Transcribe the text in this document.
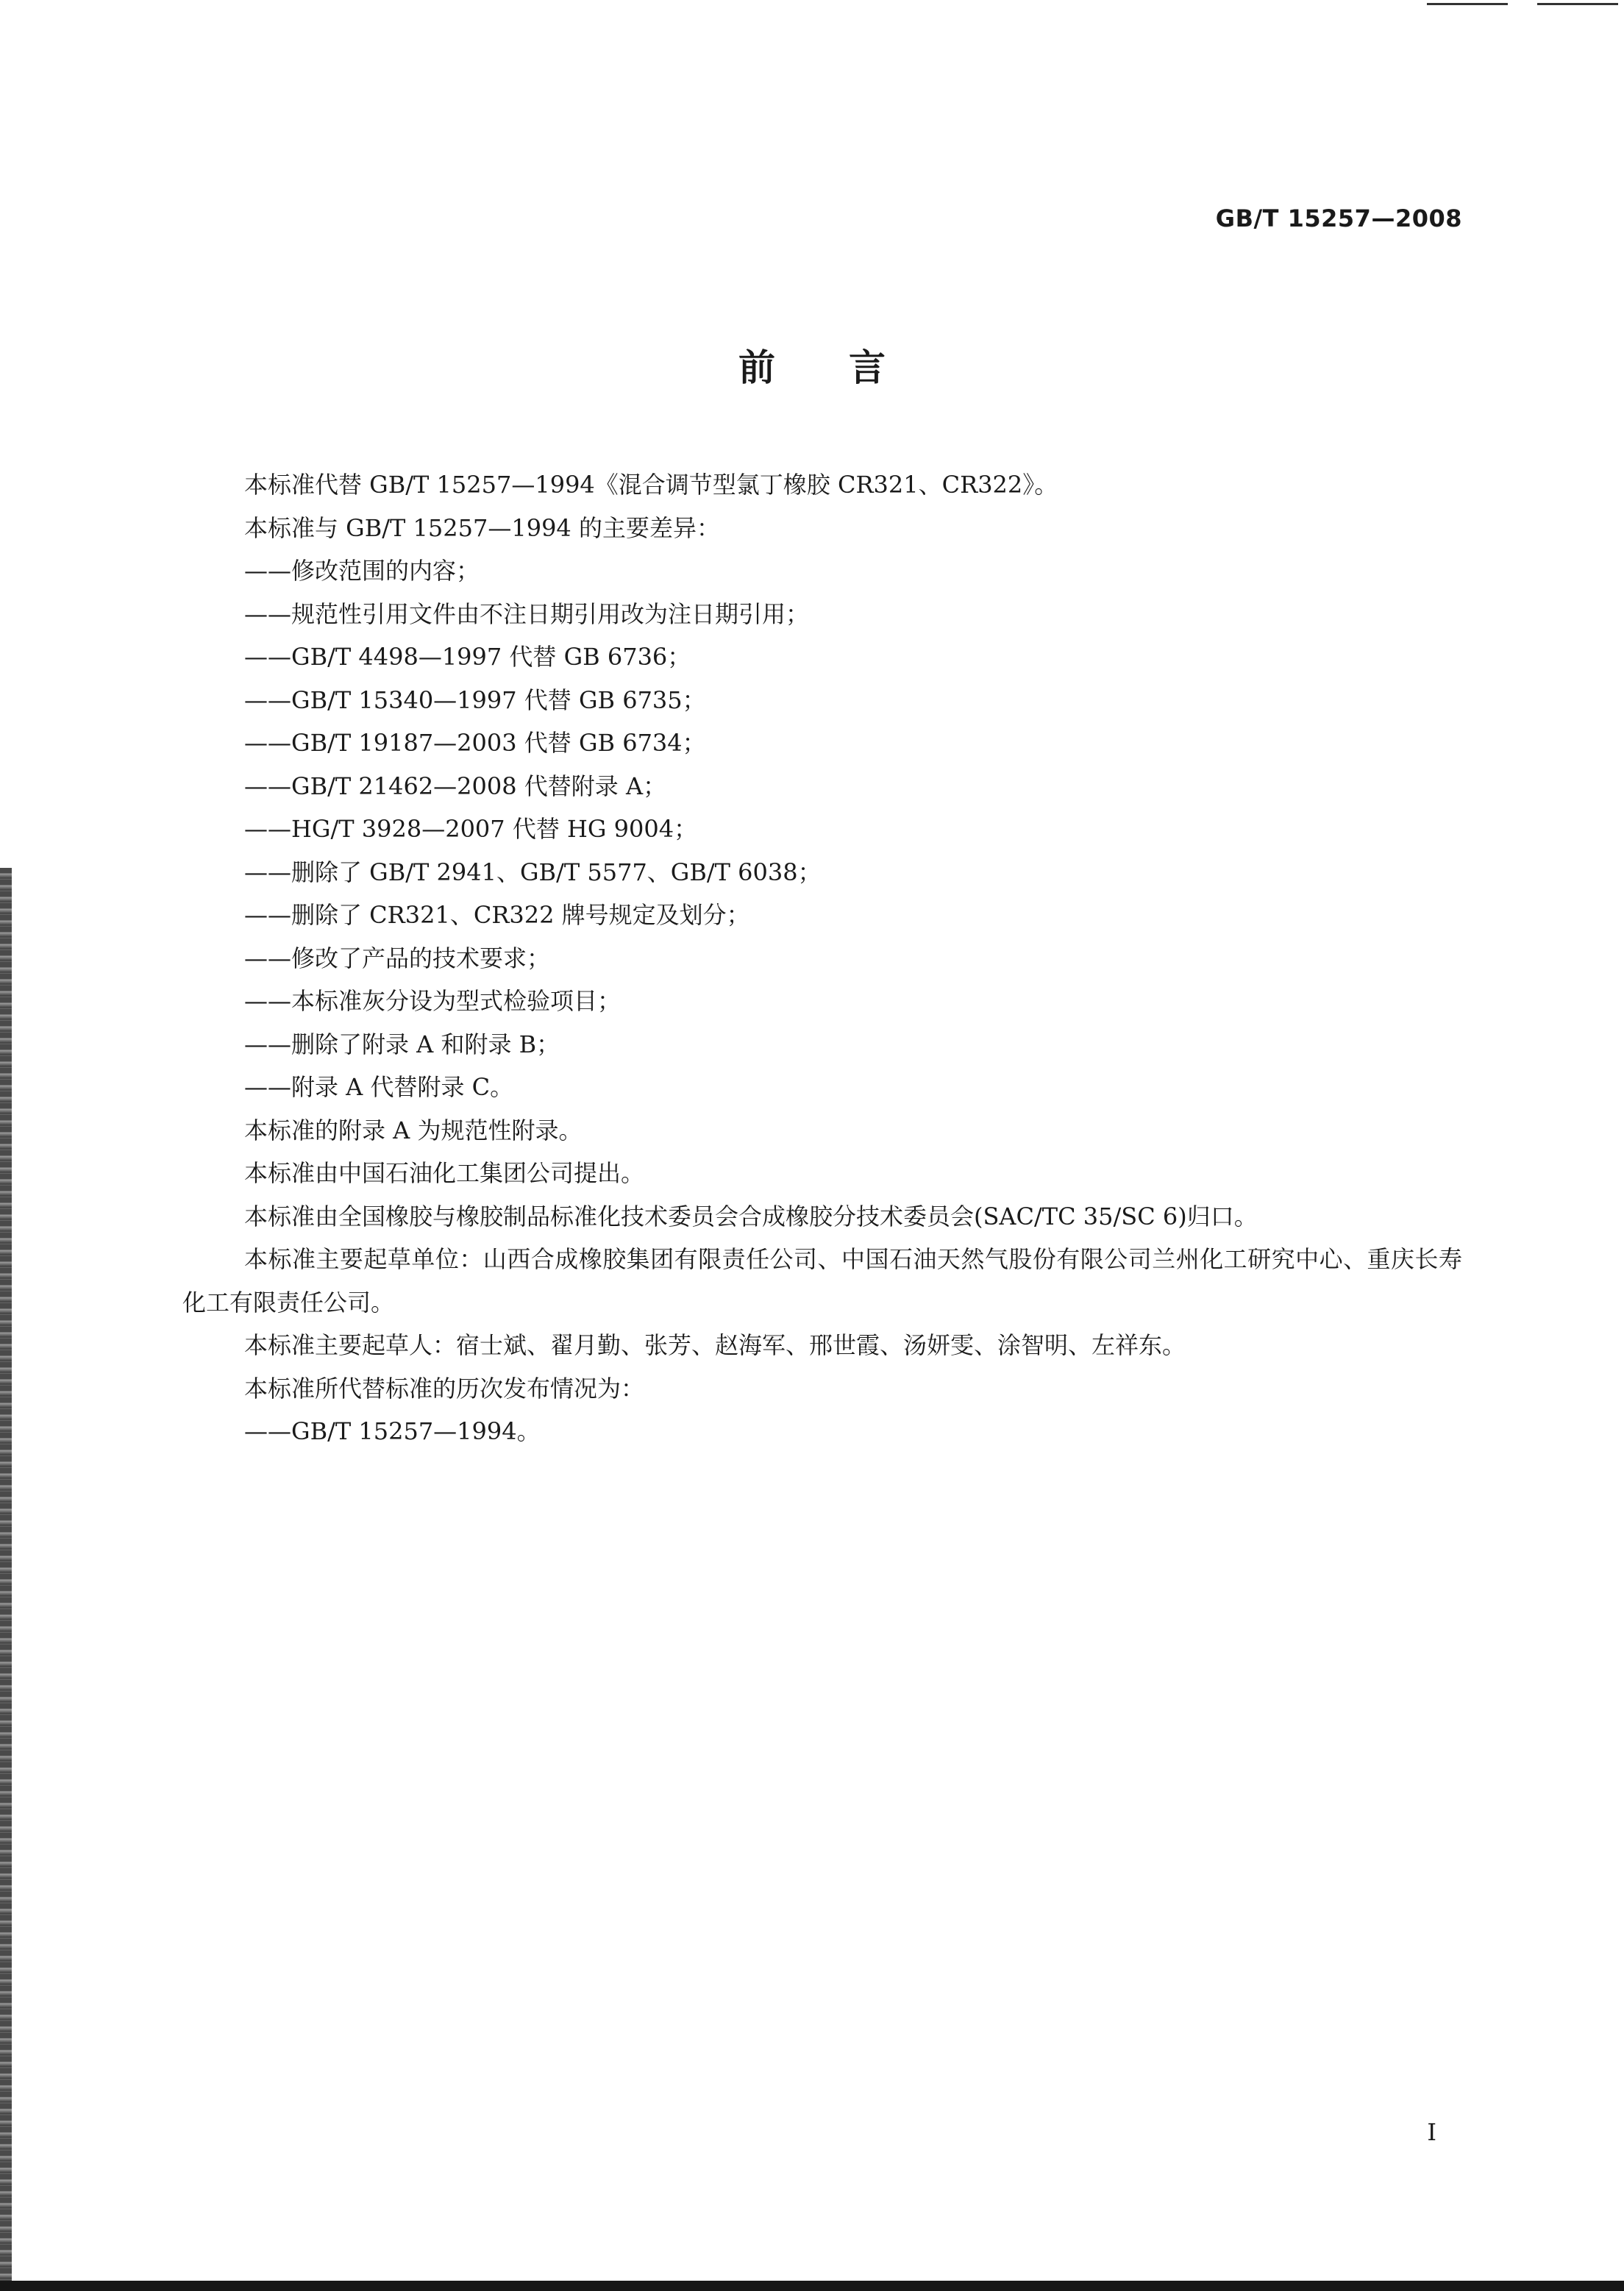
GB/T 15257—2008
前　　言
本标准代替 GB/T 15257—1994《混合调节型氯丁橡胶 CR321、CR322》。
本标准与 GB/T 15257—1994 的主要差异：
——修改范围的内容；
——规范性引用文件由不注日期引用改为注日期引用；
——GB/T 4498—1997 代替 GB 6736；
——GB/T 15340—1997 代替 GB 6735；
——GB/T 19187—2003 代替 GB 6734；
——GB/T 21462—2008 代替附录 A；
——HG/T 3928—2007 代替 HG 9004；
——删除了 GB/T 2941、GB/T 5577、GB/T 6038；
——删除了 CR321、CR322 牌号规定及划分；
——修改了产品的技术要求；
——本标准灰分设为型式检验项目；
——删除了附录 A 和附录 B；
——附录 A 代替附录 C。
本标准的附录 A 为规范性附录。
本标准由中国石油化工集团公司提出。
本标准由全国橡胶与橡胶制品标准化技术委员会合成橡胶分技术委员会(SAC/TC 35/SC 6)归口。
本标准主要起草单位：山西合成橡胶集团有限责任公司、中国石油天然气股份有限公司兰州化工研究中心、重庆长寿化工有限责任公司。
本标准主要起草人：宿士斌、翟月勤、张芳、赵海军、邢世霞、汤妍雯、涂智明、左祥东。
本标准所代替标准的历次发布情况为：
——GB/T 15257—1994。
I
